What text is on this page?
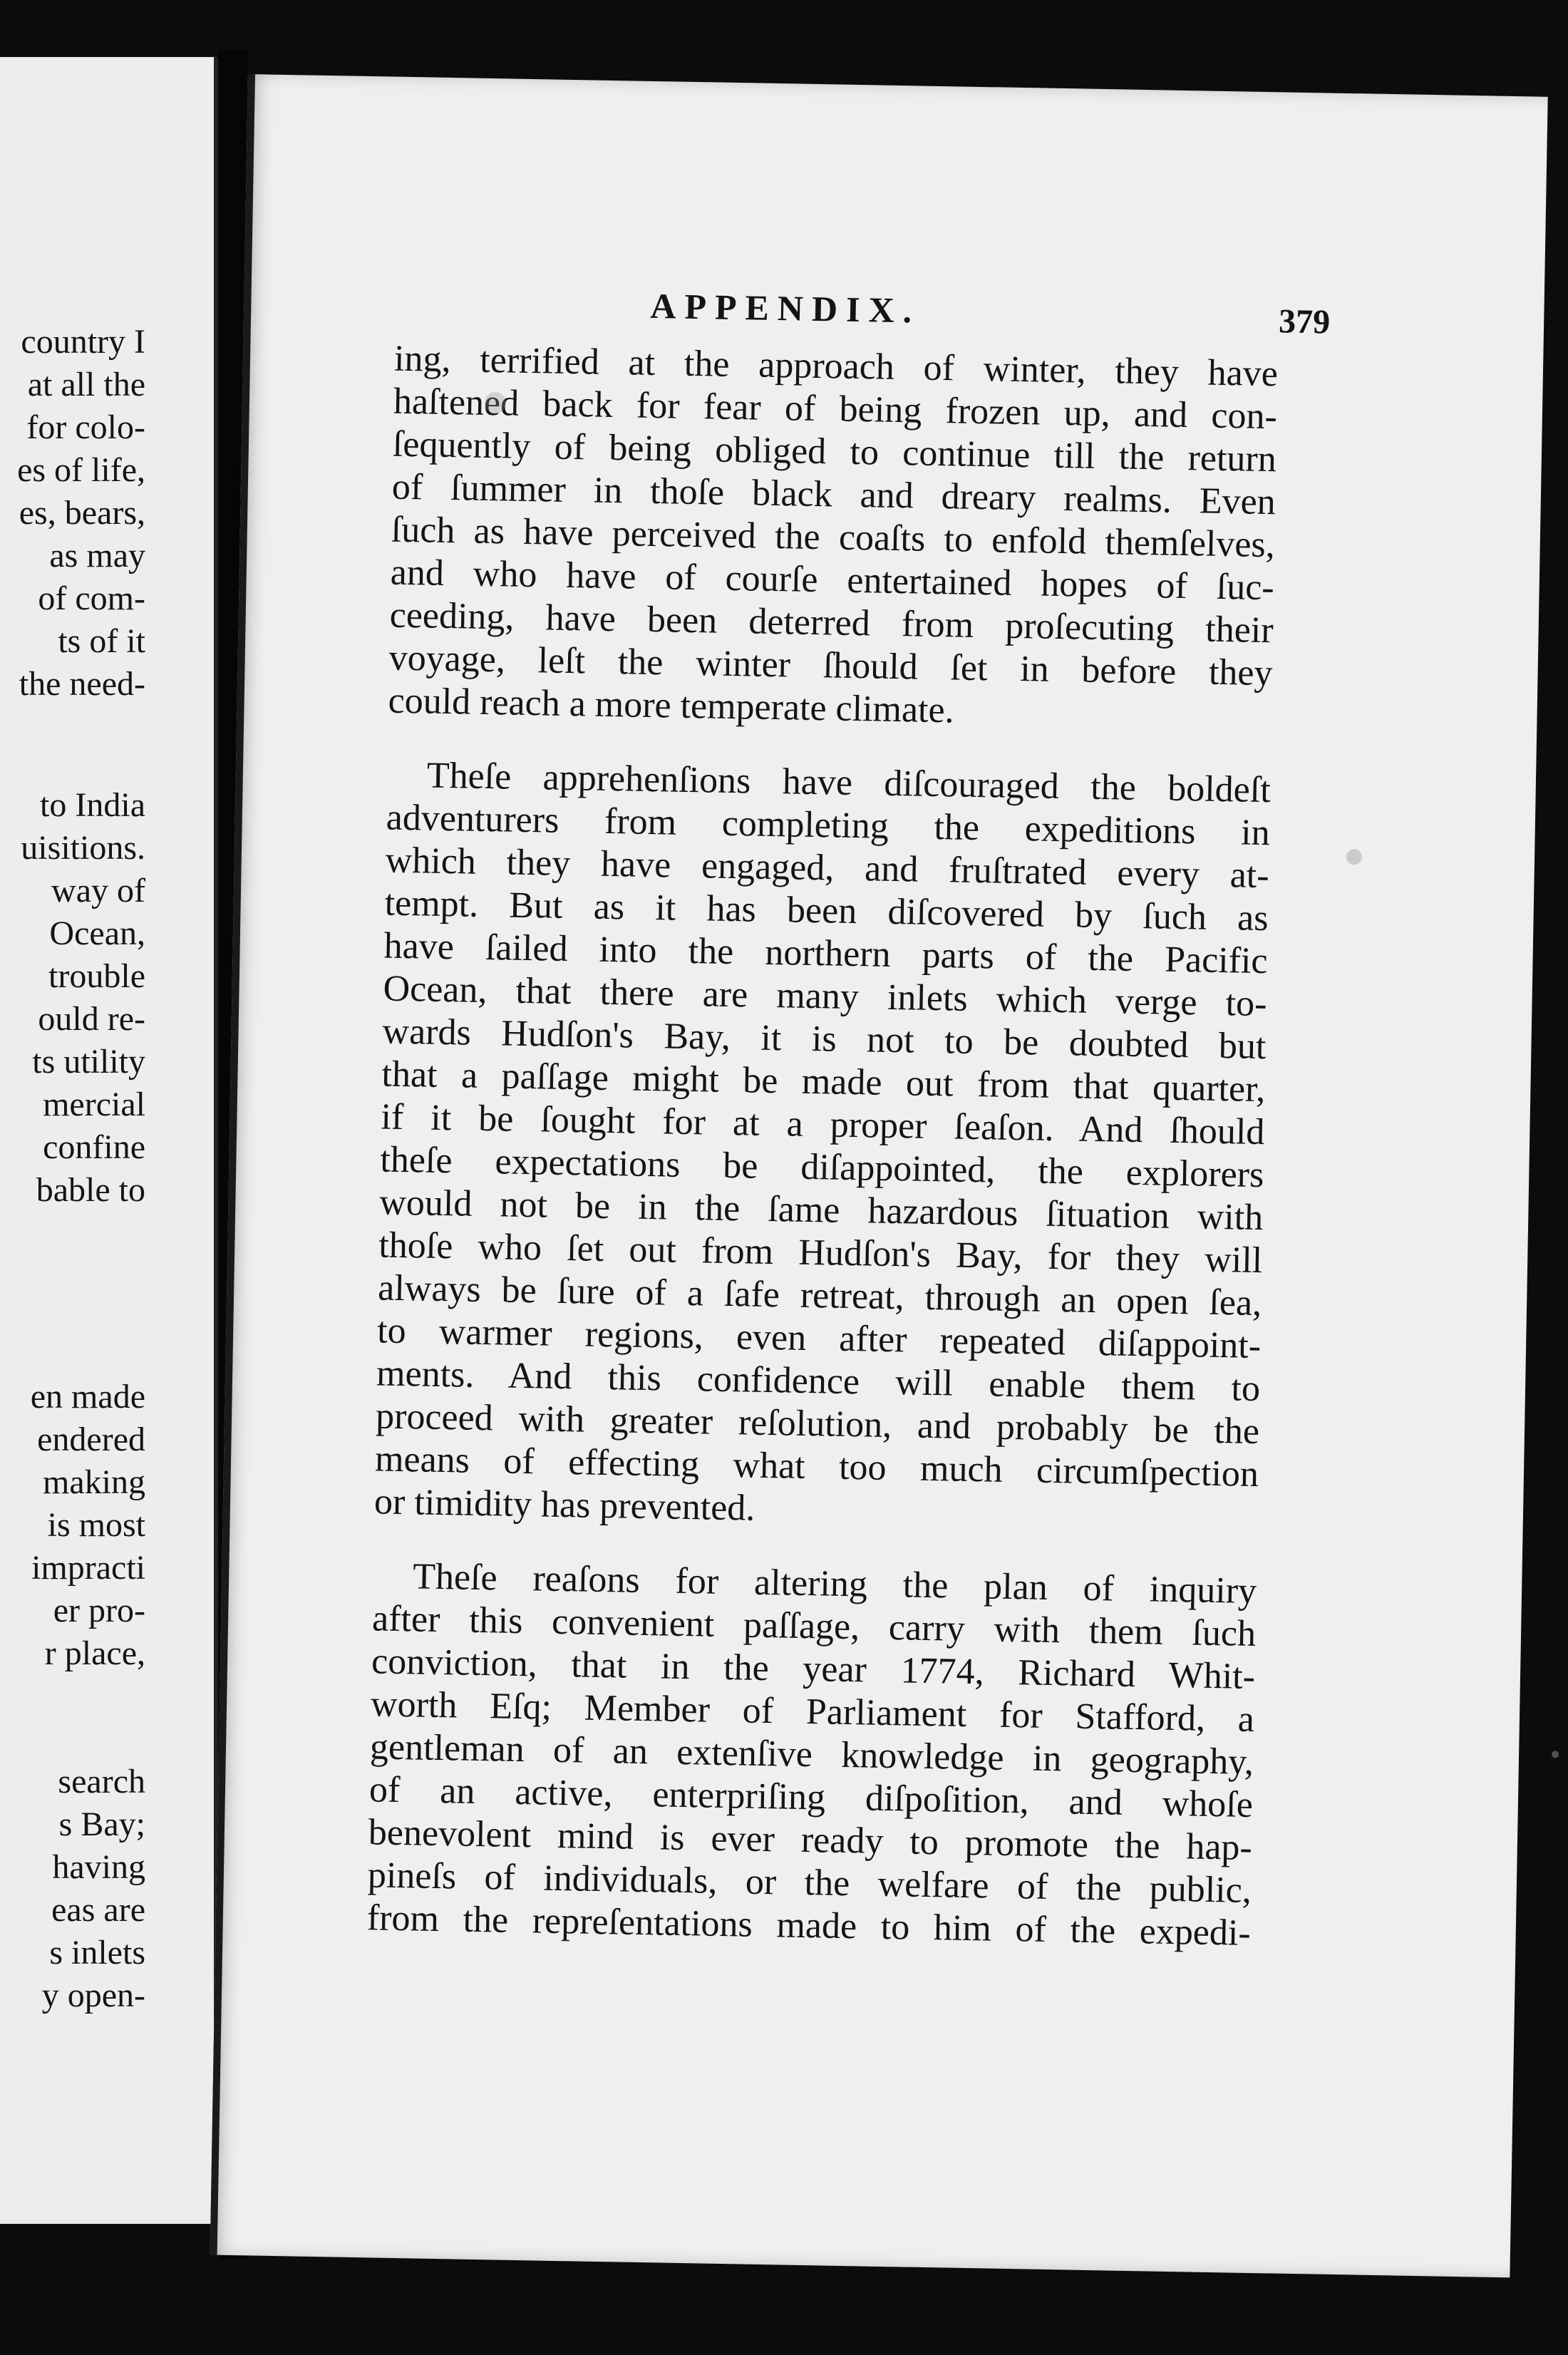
country I
at all the
for colo-
es of life,
es, bears,
as may
of com-
ts of it
the need-
to India
uisitions.
way of
Ocean,
trouble
ould re-
ts utility
mercial
confine
bable to
en made
endered
making
is most
impracti
er pro-
r place,
search
s Bay;
having
eas are
s inlets
y open-
APPENDIX.	379
ing, terrified at the approach of winter, they have
haſtened back for fear of being frozen up, and con-
ſequently of being obliged to continue till the return
of ſummer in thoſe black and dreary realms. Even
ſuch as have perceived the coaſts to enfold themſelves,
and who have of courſe entertained hopes of ſuc-
ceeding, have been deterred from proſecuting their
voyage, leſt the winter ſhould ſet in before they
could reach a more temperate climate.
Theſe apprehenſions have diſcouraged the boldeſt
adventurers from completing the expeditions in
which they have engaged, and fruſtrated every at-
tempt. But as it has been diſcovered by ſuch as
have ſailed into the northern parts of the Pacific
Ocean, that there are many inlets which verge to-
wards Hudſon's Bay, it is not to be doubted but
that a paſſage might be made out from that quarter,
if it be ſought for at a proper ſeaſon. And ſhould
theſe expectations be diſappointed, the explorers
would not be in the ſame hazardous ſituation with
thoſe who ſet out from Hudſon's Bay, for they will
always be ſure of a ſafe retreat, through an open ſea,
to warmer regions, even after repeated diſappoint-
ments. And this confidence will enable them to
proceed with greater reſolution, and probably be the
means of effecting what too much circumſpection
or timidity has prevented.
Theſe reaſons for altering the plan of inquiry
after this convenient paſſage, carry with them ſuch
conviction, that in the year 1774, Richard Whit-
worth Eſq; Member of Parliament for Stafford, a
gentleman of an extenſive knowledge in geography,
of an active, enterpriſing diſpoſition, and whoſe
benevolent mind is ever ready to promote the hap-
pineſs of individuals, or the welfare of the public,
from the repreſentations made to him of the expedi-
